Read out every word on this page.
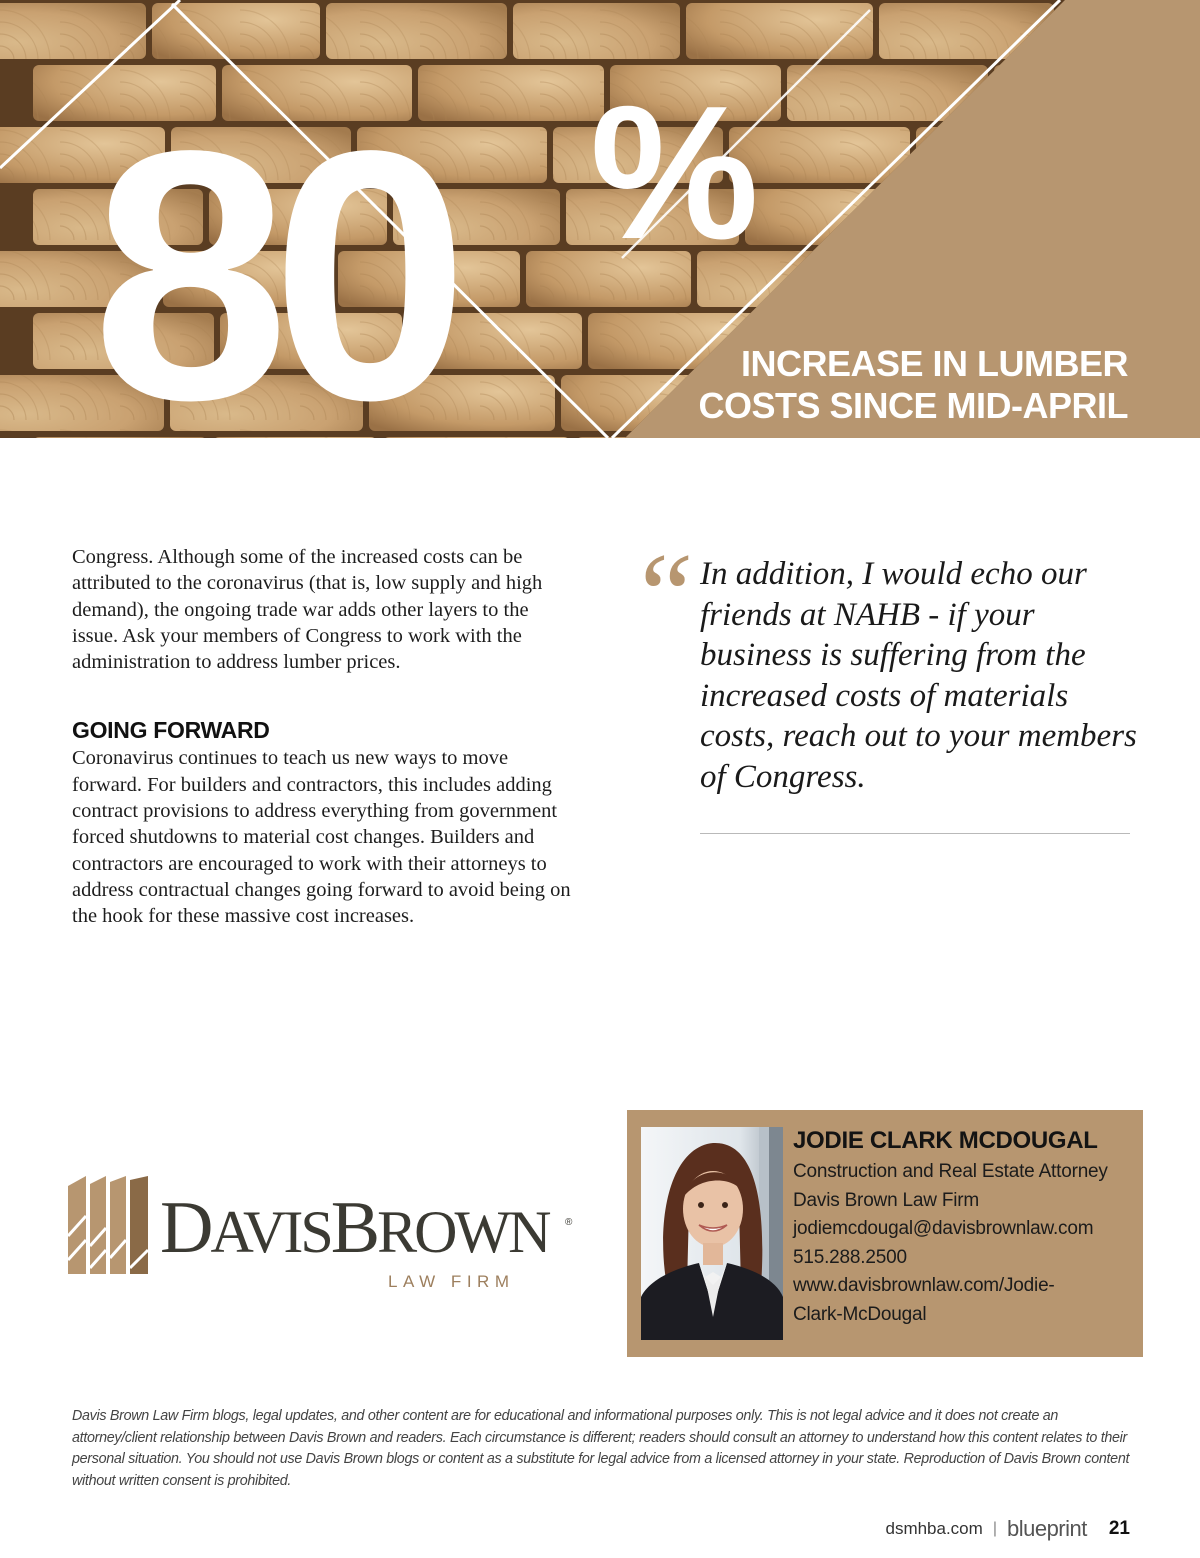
80 %
INCREASE IN LUMBER
COSTS SINCE MID-APRIL

Congress. Although some of the increased costs can be attributed to the coronavirus (that is, low supply and high demand), the ongoing trade war adds other layers to the issue. Ask your members of Congress to work with the administration to address lumber prices.

GOING FORWARD

Coronavirus continues to teach us new ways to move forward. For builders and contractors, this includes adding contract provisions to address everything from government forced shutdowns to material cost changes. Builders and contractors are encouraged to work with their attorneys to address contractual changes going forward to avoid being on the hook for these massive cost increases.

“ In addition, I would echo our friends at NAHB - if your business is suffering from the increased costs of materials costs, reach out to your members of Congress.
DAVISBROWN ®
LAW FIRM
JODIE CLARK MCDOUGAL
Construction and Real Estate Attorney
Davis Brown Law Firm
jodiemcdougal@davisbrownlaw.com
515.288.2500
www.davisbrownlaw.com/Jodie-
Clark-McDougal
Davis Brown Law Firm blogs, legal updates, and other content are for educational and informational purposes only. This is not legal advice and it does not create an attorney/client relationship between Davis Brown and readers. Each circumstance is different; readers should consult an attorney to understand how this content relates to their personal situation. You should not use Davis Brown blogs or content as a substitute for legal advice from a licensed attorney in your state. Reproduction of Davis Brown content without written consent is prohibited.
dsmhba.com | blueprint 21
